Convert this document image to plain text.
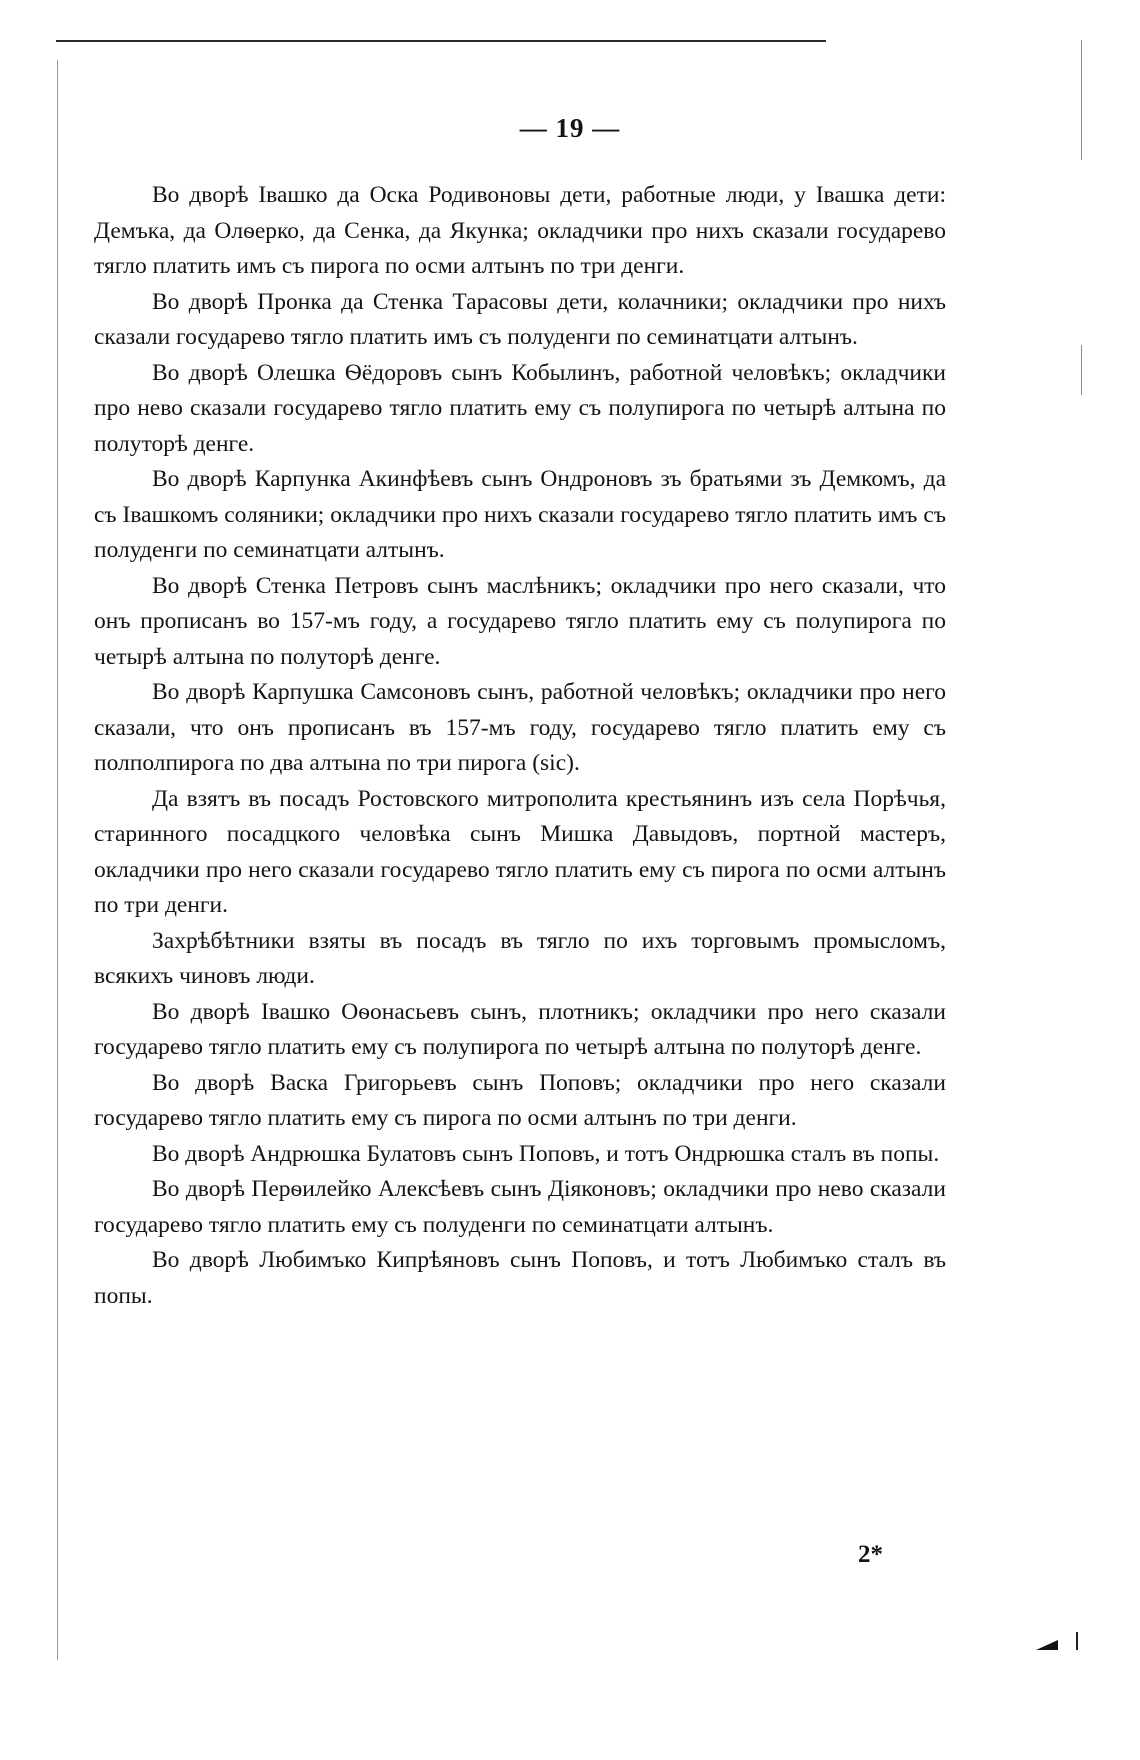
— 19 —

Во дворѣ Івашко да Оска Родивоновы дети, работные люди, у Івашка дети: Демъка, да Олѳерко, да Сенка, да Якунка; окладчики про нихъ сказали государево тягло платить имъ съ пирога по осми алтынъ по три денги.

Во дворѣ Пронка да Стенка Тарасовы дети, колачники; окладчики про нихъ сказали государево тягло платить имъ съ полуденги по семинатцати алтынъ.

Во дворѣ Олешка Ѳёдоровъ сынъ Кобылинъ, работной человѣкъ; окладчики про нево сказали государево тягло платить ему съ полупирога по четырѣ алтына по полуторѣ денге.

Во дворѣ Карпунка Акинфѣевъ сынъ Ондроновъ зъ братьями зъ Демкомъ, да съ Івашкомъ соляники; окладчики про нихъ сказали государево тягло платить имъ съ полуденги по семинатцати алтынъ.

Во дворѣ Стенка Петровъ сынъ маслѣникъ; окладчики про него сказали, что онъ прописанъ во 157-мъ году, а государево тягло платить ему съ полупирога по четырѣ алтына по полуторѣ денге.

Во дворѣ Карпушка Самсоновъ сынъ, работной человѣкъ; окладчики про него сказали, что онъ прописанъ въ 157-мъ году, государево тягло платить ему съ полполпирога по два алтына по три пирога (sic).

Да взятъ въ посадъ Ростовского митрополита крестьянинъ изъ села Порѣчья, старинного посадцкого человѣка сынъ Мишка Давыдовъ, портной мастеръ, окладчики про него сказали государево тягло платить ему съ пирога по осми алтынъ по три денги.

Захрѣбѣтники взяты въ посадъ въ тягло по ихъ торговымъ промысломъ, всякихъ чиновъ люди.

Во дворѣ Івашко Оѳонасьевъ сынъ, плотникъ; окладчики про него сказали государево тягло платить ему съ полупирога по четырѣ алтына по полуторѣ денге.

Во дворѣ Васка Григорьевъ сынъ Поповъ; окладчики про него сказали государево тягло платить ему съ пирога по осми алтынъ по три денги.

Во дворѣ Андрюшка Булатовъ сынъ Поповъ, и тотъ Ондрюшка сталъ въ попы.

Во дворѣ Перѳилейко Алексѣевъ сынъ Діяконовъ; окладчики про нево сказали государево тягло платить ему съ полуденги по семинатцати алтынъ.

Во дворѣ Любимъко Кипрѣяновъ сынъ Поповъ, и тотъ Любимъко сталъ въ попы.

2*
